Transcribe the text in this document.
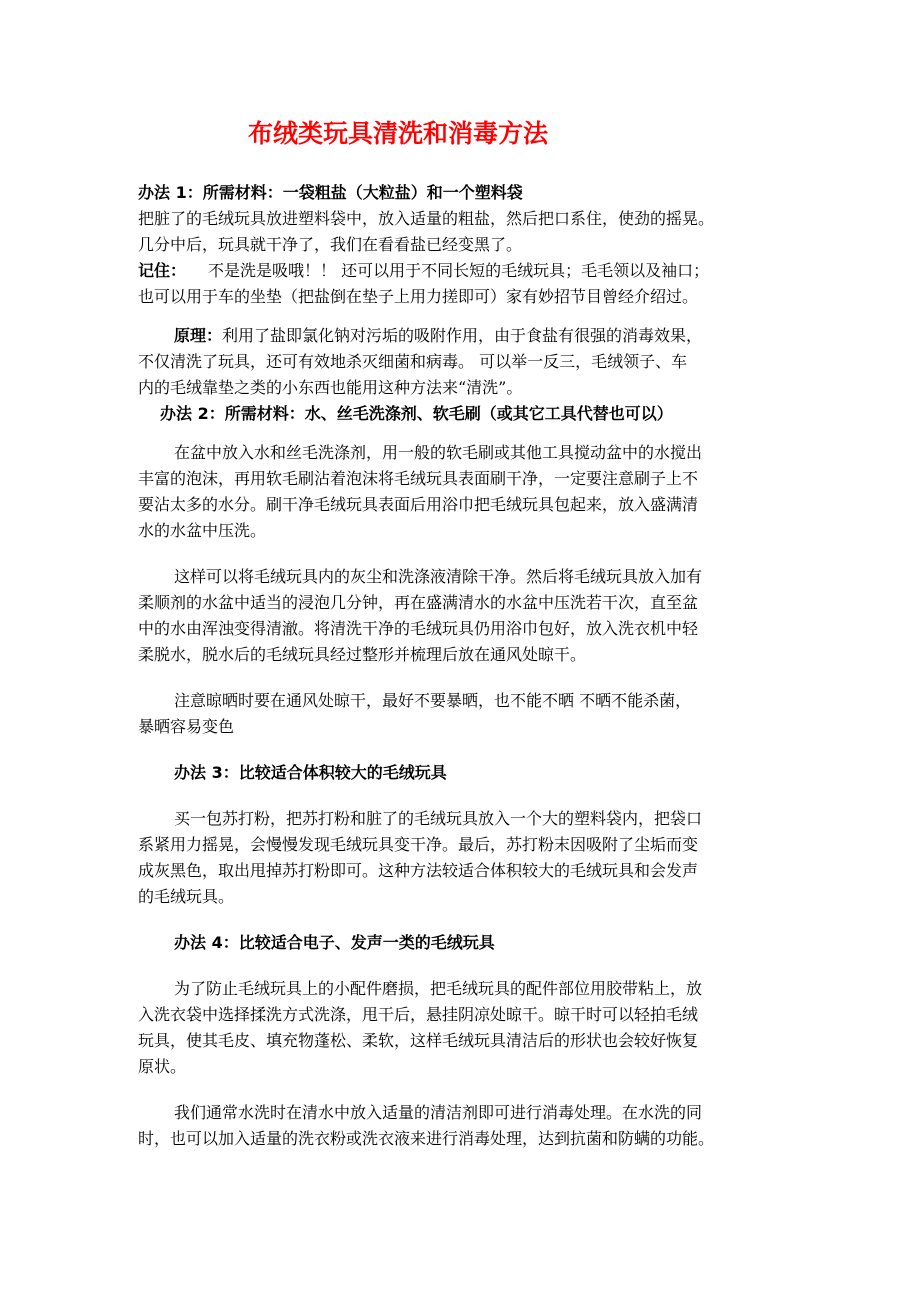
布绒类玩具清洗和消毒方法
办法 1：所需材料：一袋粗盐（大粒盐）和一个塑料袋
把脏了的毛绒玩具放进塑料袋中，放入适量的粗盐，然后把口系住，使劲的摇晃。
几分中后，玩具就干净了，我们在看看盐已经变黑了。
记住： 不是洗是吸哦！！ 还可以用于不同长短的毛绒玩具；毛毛领以及袖口；
也可以用于车的坐垫（把盐倒在垫子上用力搓即可）家有妙招节目曾经介绍过。
原理：利用了盐即氯化钠对污垢的吸附作用，由于食盐有很强的消毒效果，
不仅清洗了玩具，还可有效地杀灭细菌和病毒。 可以举一反三，毛绒领子、车
内的毛绒靠垫之类的小东西也能用这种方法来“清洗”。
办法 2：所需材料：水、丝毛洗涤剂、软毛刷（或其它工具代替也可以）
在盆中放入水和丝毛洗涤剂，用一般的软毛刷或其他工具搅动盆中的水搅出
丰富的泡沫，再用软毛刷沾着泡沫将毛绒玩具表面刷干净，一定要注意刷子上不
要沾太多的水分。刷干净毛绒玩具表面后用浴巾把毛绒玩具包起来，放入盛满清
水的水盆中压洗。
这样可以将毛绒玩具内的灰尘和洗涤液清除干净。然后将毛绒玩具放入加有
柔顺剂的水盆中适当的浸泡几分钟，再在盛满清水的水盆中压洗若干次，直至盆
中的水由浑浊变得清澈。将清洗干净的毛绒玩具仍用浴巾包好，放入洗衣机中轻
柔脱水，脱水后的毛绒玩具经过整形并梳理后放在通风处晾干。
注意晾晒时要在通风处晾干，最好不要暴晒，也不能不晒 不晒不能杀菌，
暴晒容易变色
办法 3：比较适合体积较大的毛绒玩具
买一包苏打粉，把苏打粉和脏了的毛绒玩具放入一个大的塑料袋内，把袋口
系紧用力摇晃，会慢慢发现毛绒玩具变干净。最后，苏打粉末因吸附了尘垢而变
成灰黑色，取出甩掉苏打粉即可。这种方法较适合体积较大的毛绒玩具和会发声
的毛绒玩具。
办法 4：比较适合电子、发声一类的毛绒玩具
为了防止毛绒玩具上的小配件磨损，把毛绒玩具的配件部位用胶带粘上，放
入洗衣袋中选择揉洗方式洗涤，甩干后，悬挂阴凉处晾干。晾干时可以轻拍毛绒
玩具，使其毛皮、填充物蓬松、柔软，这样毛绒玩具清洁后的形状也会较好恢复
原状。
我们通常水洗时在清水中放入适量的清洁剂即可进行消毒处理。在水洗的同
时，也可以加入适量的洗衣粉或洗衣液来进行消毒处理，达到抗菌和防螨的功能。
